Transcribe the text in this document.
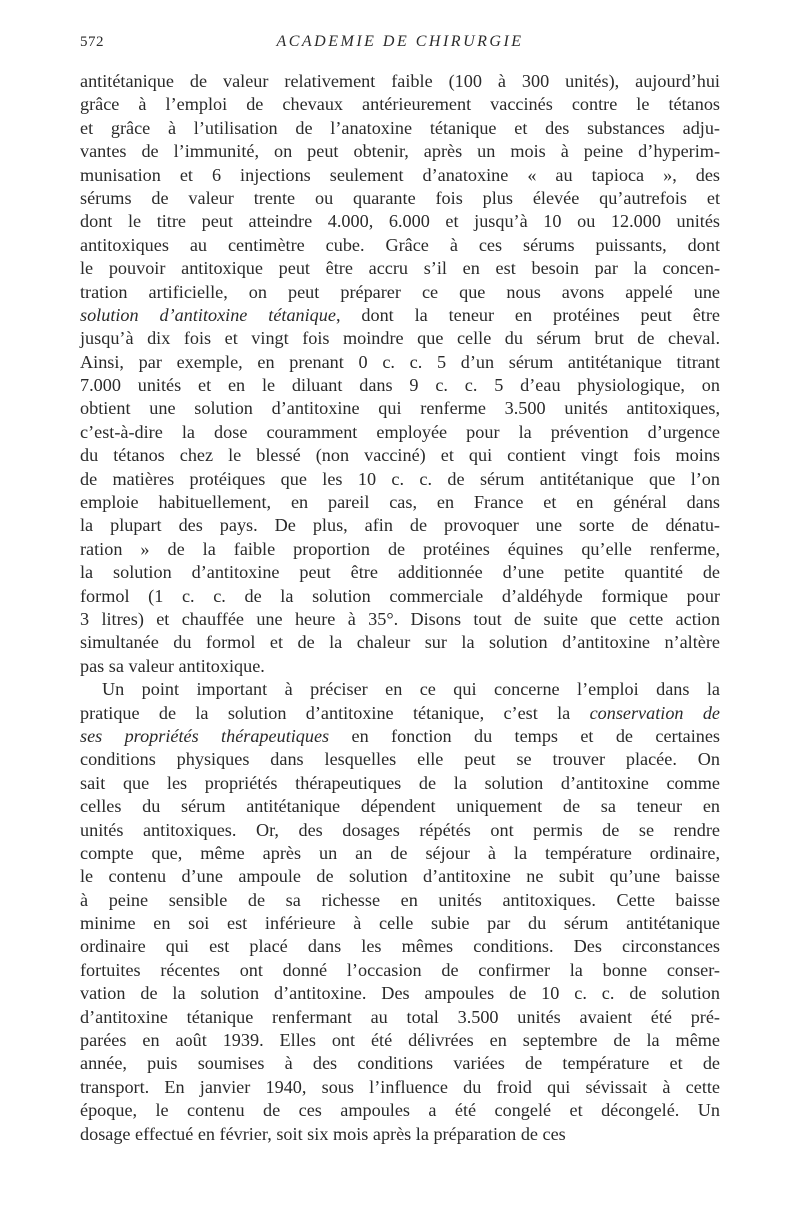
572	ACADEMIE DE CHIRURGIE
antitétanique de valeur relativement faible (100 à 300 unités), aujourd’hui
grâce à l’emploi de chevaux antérieurement vaccinés contre le tétanos
et grâce à l’utilisation de l’anatoxine tétanique et des substances adju-
vantes de l’immunité, on peut obtenir, après un mois à peine d’hyperim-
munisation et 6 injections seulement d’anatoxine « au tapioca », des
sérums de valeur trente ou quarante fois plus élevée qu’autrefois et
dont le titre peut atteindre 4.000, 6.000 et jusqu’à 10 ou 12.000 unités
antitoxiques au centimètre cube. Grâce à ces sérums puissants, dont
le pouvoir antitoxique peut être accru s’il en est besoin par la concen-
tration artificielle, on peut préparer ce que nous avons appelé une
solution d’antitoxine tétanique, dont la teneur en protéines peut être
jusqu’à dix fois et vingt fois moindre que celle du sérum brut de cheval.
Ainsi, par exemple, en prenant 0 c. c. 5 d’un sérum antitétanique titrant
7.000 unités et en le diluant dans 9 c. c. 5 d’eau physiologique, on
obtient une solution d’antitoxine qui renferme 3.500 unités antitoxiques,
c’est-à-dire la dose couramment employée pour la prévention d’urgence
du tétanos chez le blessé (non vacciné) et qui contient vingt fois moins
de matières protéiques que les 10 c. c. de sérum antitétanique que l’on
emploie habituellement, en pareil cas, en France et en général dans
la plupart des pays. De plus, afin de provoquer une sorte de dénatu-
ration » de la faible proportion de protéines équines qu’elle renferme,
la solution d’antitoxine peut être additionnée d’une petite quantité de
formol (1 c. c. de la solution commerciale d’aldéhyde formique pour
3 litres) et chauffée une heure à 35°. Disons tout de suite que cette action
simultanée du formol et de la chaleur sur la solution d’antitoxine n’altère
pas sa valeur antitoxique.
Un point important à préciser en ce qui concerne l’emploi dans la
pratique de la solution d’antitoxine tétanique, c’est la conservation de
ses propriétés thérapeutiques en fonction du temps et de certaines
conditions physiques dans lesquelles elle peut se trouver placée. On
sait que les propriétés thérapeutiques de la solution d’antitoxine comme
celles du sérum antitétanique dépendent uniquement de sa teneur en
unités antitoxiques. Or, des dosages répétés ont permis de se rendre
compte que, même après un an de séjour à la température ordinaire,
le contenu d’une ampoule de solution d’antitoxine ne subit qu’une baisse
à peine sensible de sa richesse en unités antitoxiques. Cette baisse
minime en soi est inférieure à celle subie par du sérum antitétanique
ordinaire qui est placé dans les mêmes conditions. Des circonstances
fortuites récentes ont donné l’occasion de confirmer la bonne conser-
vation de la solution d’antitoxine. Des ampoules de 10 c. c. de solution
d’antitoxine tétanique renfermant au total 3.500 unités avaient été pré-
parées en août 1939. Elles ont été délivrées en septembre de la même
année, puis soumises à des conditions variées de température et de
transport. En janvier 1940, sous l’influence du froid qui sévissait à cette
époque, le contenu de ces ampoules a été congelé et décongelé. Un
dosage effectué en février, soit six mois après la préparation de ces
